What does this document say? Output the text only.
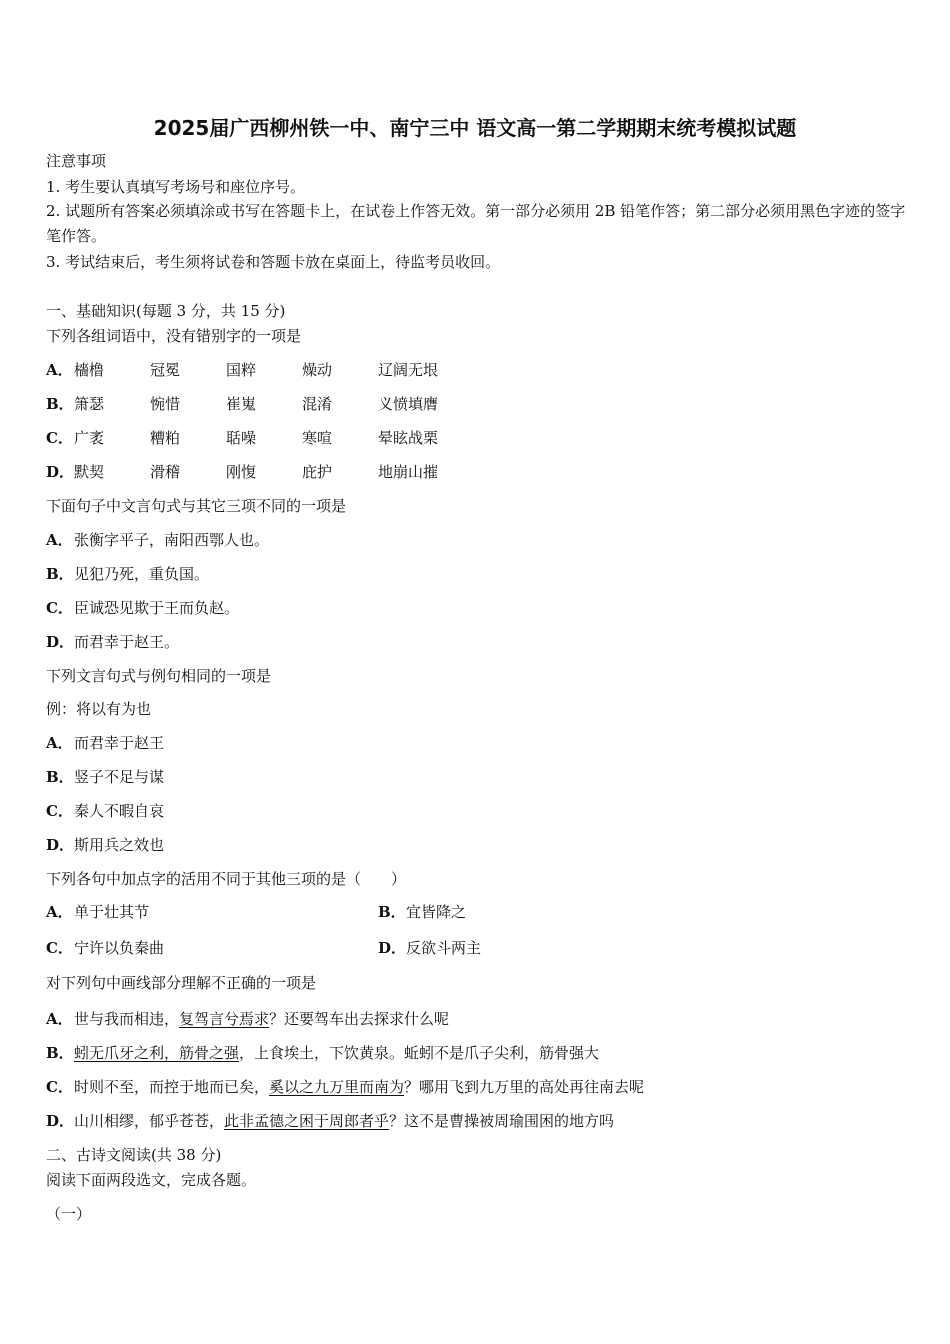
2025届广西柳州铁一中、南宁三中 语文高一第二学期期末统考模拟试题
注意事项
1. 考生要认真填写考场号和座位序号。
2. 试题所有答案必须填涂或书写在答题卡上，在试卷上作答无效。第一部分必须用 2B 铅笔作答；第二部分必须用黑色字迹的签字笔作答。
3. 考试结束后，考生须将试卷和答题卡放在桌面上，待监考员收回。
一、基础知识(每题 3 分，共 15 分)
下列各组词语中，没有错别字的一项是
A．檣橹	冠冕	国粹	燥动	辽阔无垠
B．箫瑟	惋惜	崔嵬	混淆	义愤填膺
C．广袤	糟粕	聒噪	寒喧	晕眩战栗
D．默契	滑稽	刚愎	庇护	地崩山摧
下面句子中文言句式与其它三项不同的一项是
A．张衡字平子，南阳西鄂人也。
B．见犯乃死，重负国。
C．臣诚恐见欺于王而负赵。
D．而君幸于赵王。
下列文言句式与例句相同的一项是
例：将以有为也
A．而君幸于赵王
B．竖子不足与谋
C．秦人不暇自哀
D．斯用兵之效也
下列各句中加点字的活用不同于其他三项的是（　　）
A．单于壮其节	B．宜皆降之
C．宁许以负秦曲	D．反欲斗两主
对下列句中画线部分理解不正确的一项是
A．世与我而相违，复驾言兮焉求？还要驾车出去探求什么呢
B．蚓无爪牙之利，筋骨之强，上食埃土，下饮黄泉。蚯蚓不是爪子尖利，筋骨强大
C．时则不至，而控于地而已矣，奚以之九万里而南为？哪用飞到九万里的高处再往南去呢
D．山川相缪，郁乎苍苍，此非孟德之困于周郎者乎？这不是曹操被周瑜围困的地方吗
二、古诗文阅读(共 38 分)
阅读下面两段选文，完成各题。
（一）
